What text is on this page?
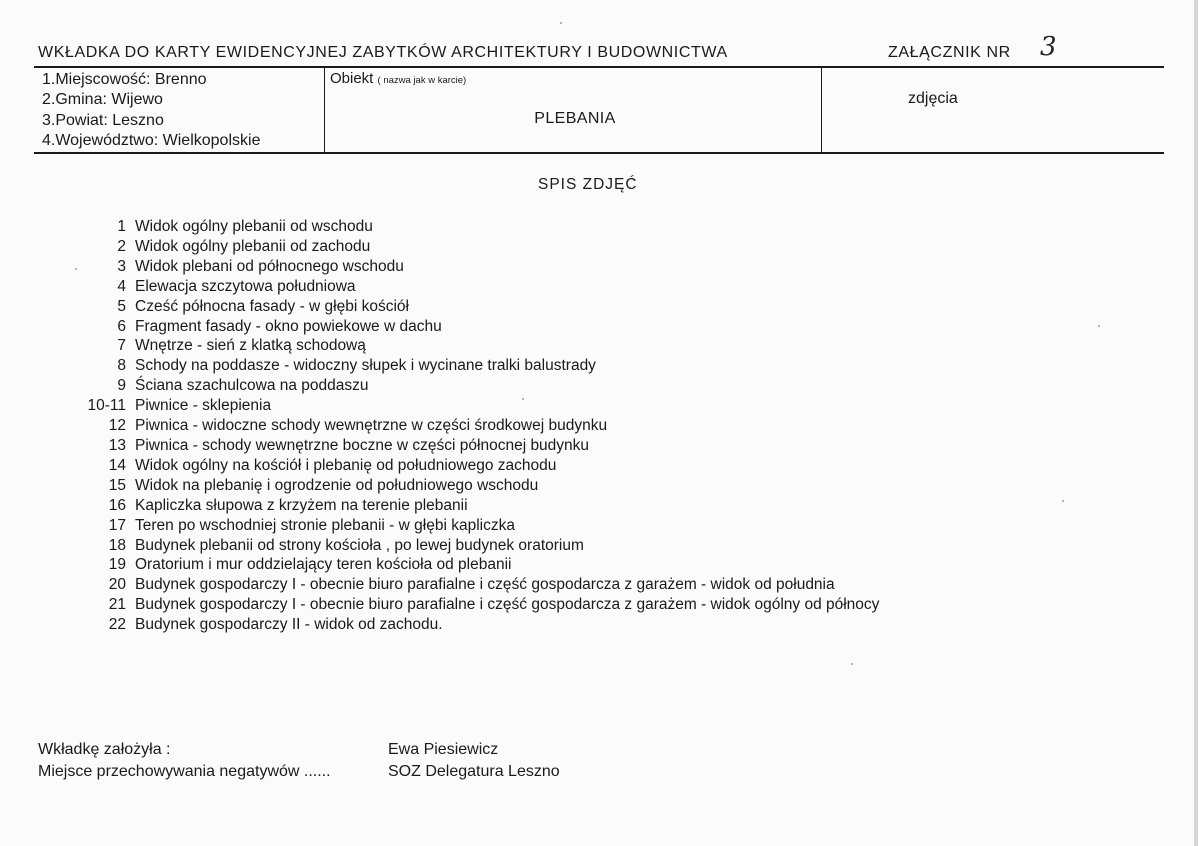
WKŁADKA DO KARTY EWIDENCYJNEJ ZABYTKÓW ARCHITEKTURY I BUDOWNICTWA	ZAŁĄCZNIK NR 3
1.Miejscowość: Brenno
2.Gmina: Wijewo
3.Powiat: Leszno
4.Województwo: Wielkopolskie
Obiekt ( nazwa jak w karcie)
PLEBANIA
zdjęcia
SPIS ZDJĘĆ
1 Widok ogólny plebanii od wschodu
2 Widok ogólny plebanii od zachodu
3 Widok plebani od północnego wschodu
4 Elewacja szczytowa południowa
5 Cześć północna fasady - w głębi kościół
6 Fragment fasady - okno powiekowe w dachu
7 Wnętrze - sień z klatką schodową
8 Schody na poddasze - widoczny słupek i wycinane tralki balustrady
9 Ściana szachulcowa na poddaszu
10-11 Piwnice - sklepienia
12 Piwnica - widoczne schody wewnętrzne w części środkowej budynku
13 Piwnica - schody wewnętrzne boczne w części północnej budynku
14 Widok ogólny na kościół i plebanię od południowego zachodu
15 Widok na plebanię i ogrodzenie od południowego wschodu
16 Kapliczka słupowa z krzyżem na terenie plebanii
17 Teren po wschodniej stronie plebanii - w głębi kapliczka
18 Budynek plebanii od strony kościoła , po lewej budynek oratorium
19 Oratorium i mur oddzielający teren kościoła od plebanii
20 Budynek gospodarczy I - obecnie biuro parafialne i część gospodarcza z garażem - widok od południa
21 Budynek gospodarczy I - obecnie biuro parafialne i część gospodarcza z garażem - widok ogólny od północy
22 Budynek gospodarczy II - widok od zachodu.
Wkładkę założyła :	Ewa Piesiewicz
Miejsce przechowywania negatywów ......	SOZ Delegatura Leszno
